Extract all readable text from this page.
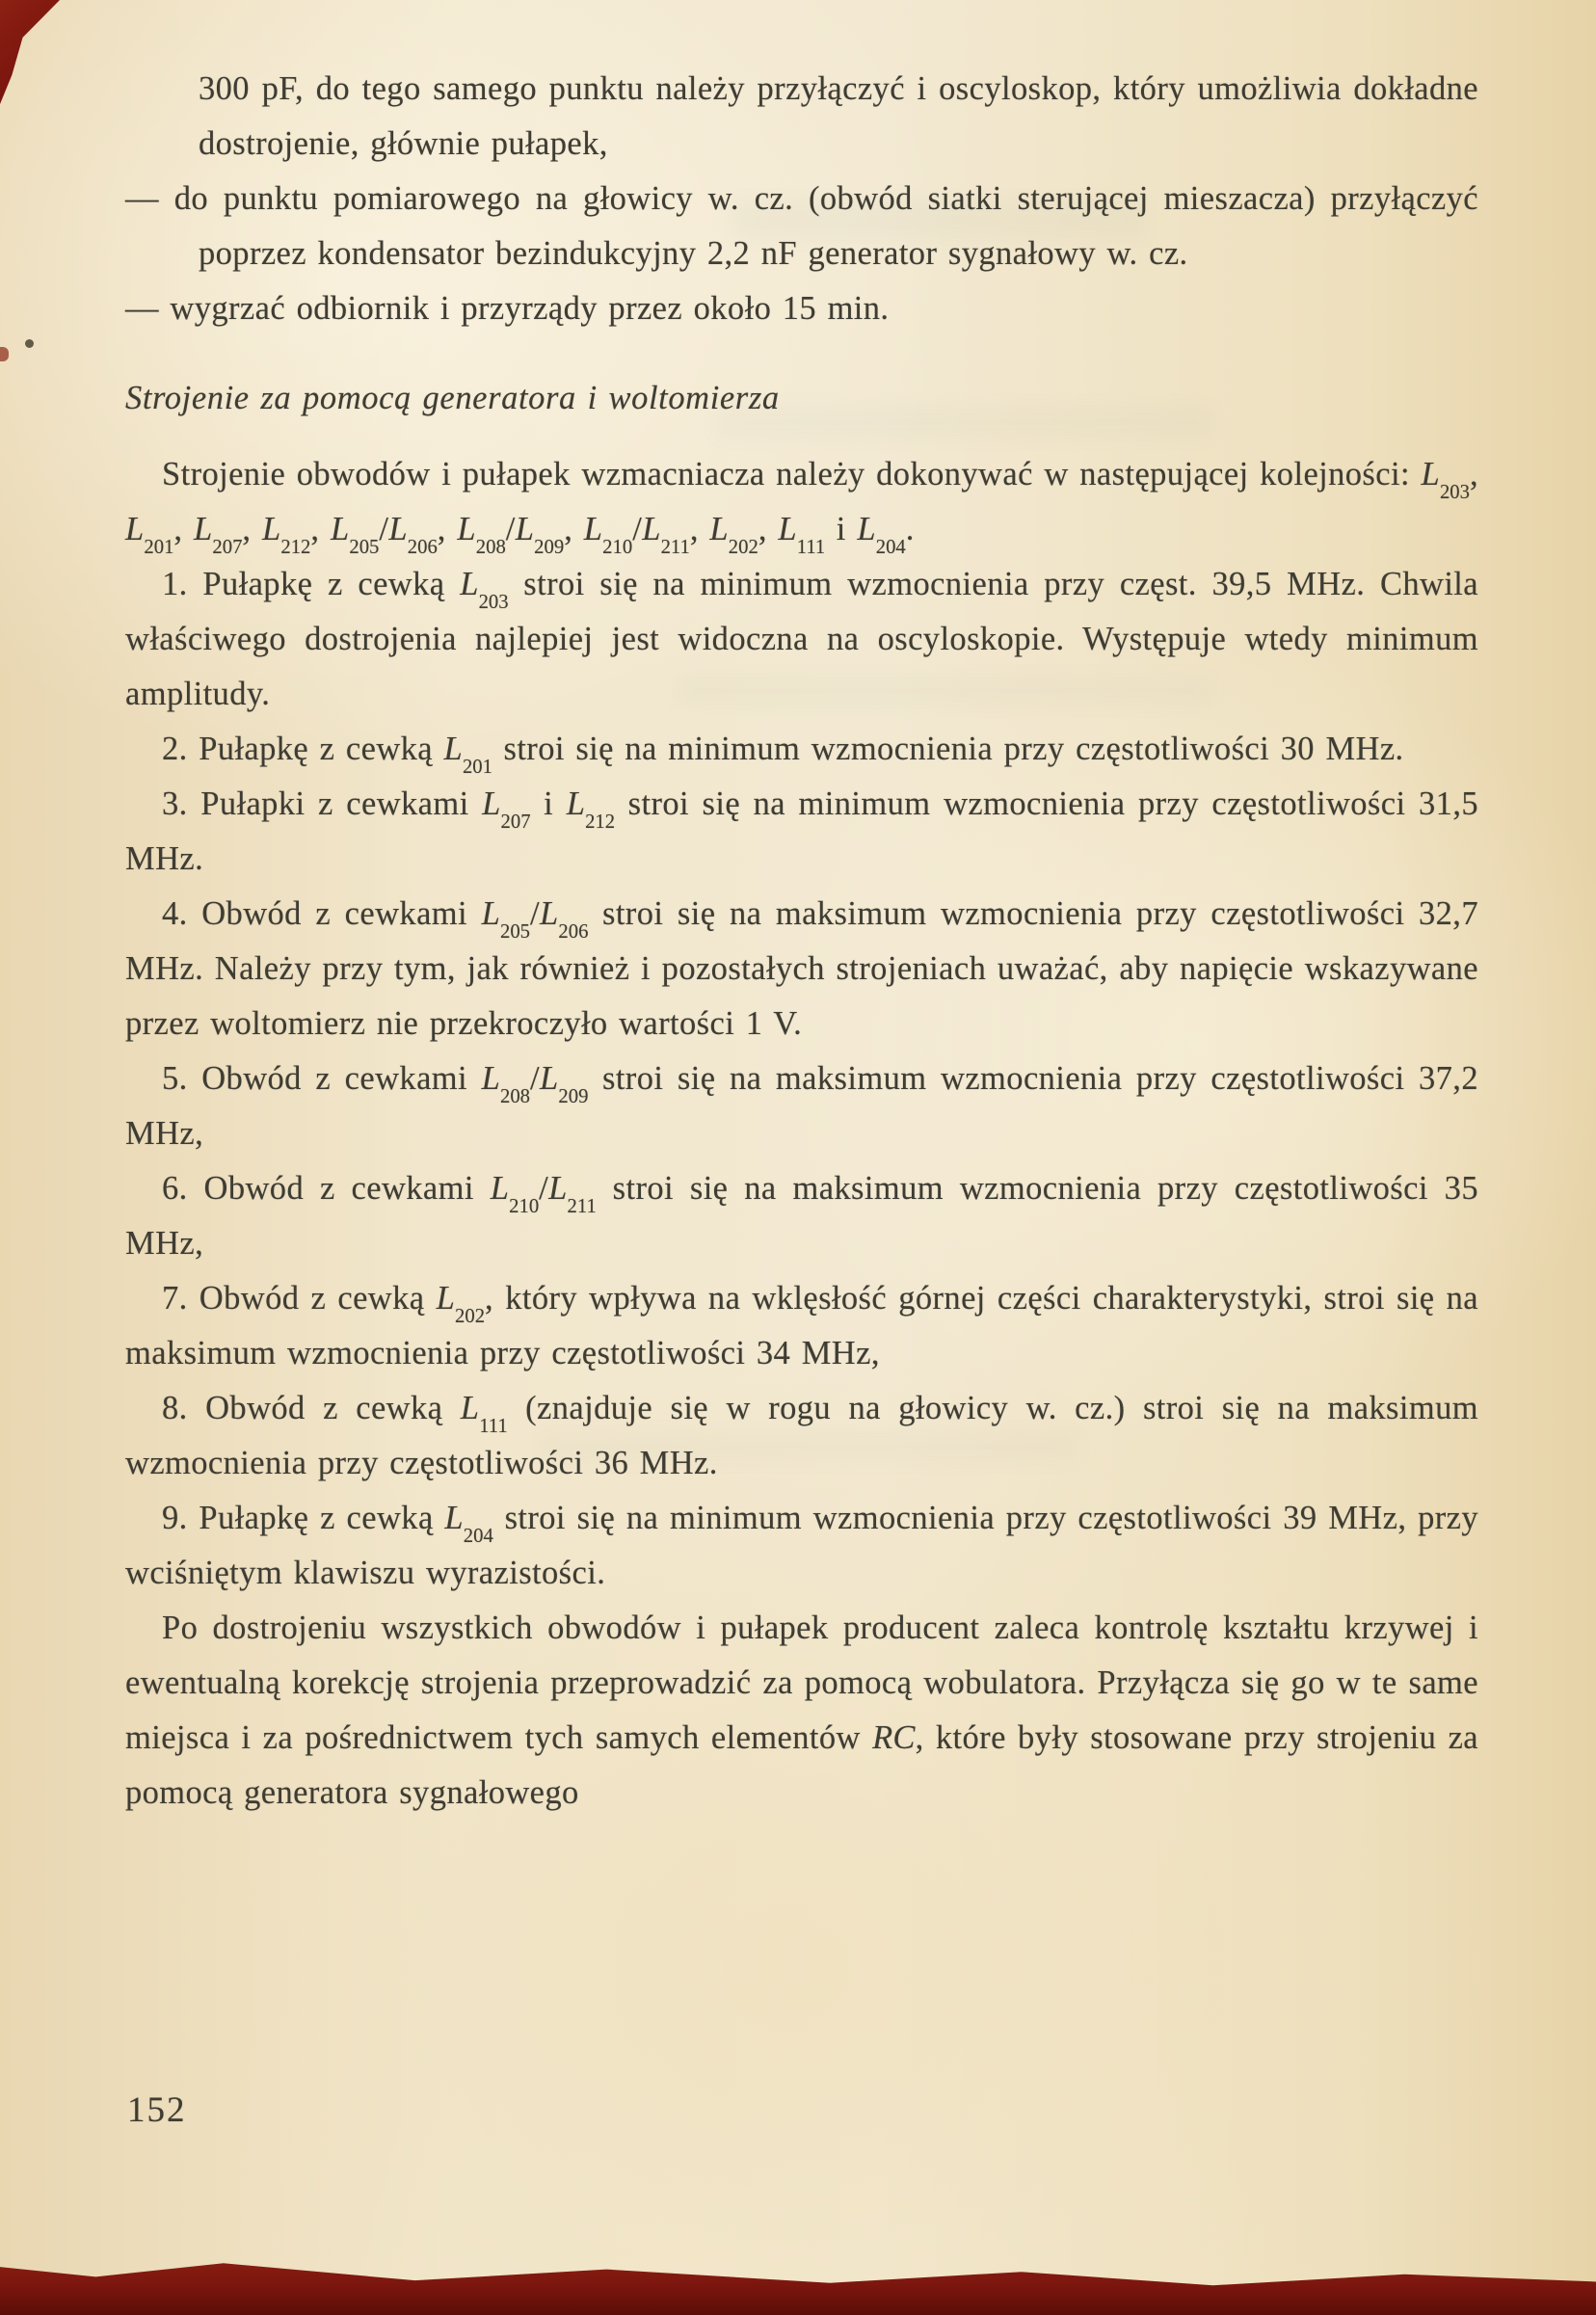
300 pF, do tego samego punktu należy przyłączyć i oscyloskop, który umożliwia dokładne dostrojenie, głównie pułapek,

— do punktu pomiarowego na głowicy w. cz. (obwód siatki sterującej mieszacza) przyłączyć poprzez kondensator bezindukcyjny 2,2 nF generator sygnałowy w. cz.

— wygrzać odbiornik i przyrządy przez około 15 min.

Strojenie za pomocą generatora i woltomierza

Strojenie obwodów i pułapek wzmacniacza należy dokonywać w następującej kolejności: $L_{203}$, $L_{201}$, $L_{207}$, $L_{212}$, $L_{205}/L_{206}$, $L_{208}/L_{209}$, $L_{210}/L_{211}$, $L_{202}$, $L_{111}$ i $L_{204}$.

1. Pułapkę z cewką $L_{203}$ stroi się na minimum wzmocnienia przy częst. 39,5 MHz. Chwila właściwego dostrojenia najlepiej jest widoczna na oscyloskopie. Występuje wtedy minimum amplitudy.

2. Pułapkę z cewką $L_{201}$ stroi się na minimum wzmocnienia przy częstotliwości 30 MHz.

3. Pułapki z cewkami $L_{207}$ i $L_{212}$ stroi się na minimum wzmocnienia przy częstotliwości 31,5 MHz.

4. Obwód z cewkami $L_{205}/L_{206}$ stroi się na maksimum wzmocnienia przy częstotliwości 32,7 MHz. Należy przy tym, jak również i pozostałych strojeniach uważać, aby napięcie wskazywane przez woltomierz nie przekroczyło wartości 1 V.

5. Obwód z cewkami $L_{208}/L_{209}$ stroi się na maksimum wzmocnienia przy częstotliwości 37,2 MHz,

6. Obwód z cewkami $L_{210}/L_{211}$ stroi się na maksimum wzmocnienia przy częstotliwości 35 MHz,

7. Obwód z cewką $L_{202}$, który wpływa na wklęsłość górnej części charakterystyki, stroi się na maksimum wzmocnienia przy częstotliwości 34 MHz,

8. Obwód z cewką $L_{111}$ (znajduje się w rogu na głowicy w. cz.) stroi się na maksimum wzmocnienia przy częstotliwości 36 MHz.

9. Pułapkę z cewką $L_{204}$ stroi się na minimum wzmocnienia przy częstotliwości 39 MHz, przy wciśniętym klawiszu wyrazistości.

Po dostrojeniu wszystkich obwodów i pułapek producent zaleca kontrolę kształtu krzywej i ewentualną korekcję strojenia przeprowadzić za pomocą wobulatora. Przyłącza się go w te same miejsca i za pośrednictwem tych samych elementów RC, które były stosowane przy strojeniu za pomocą generatora sygnałowego

152
